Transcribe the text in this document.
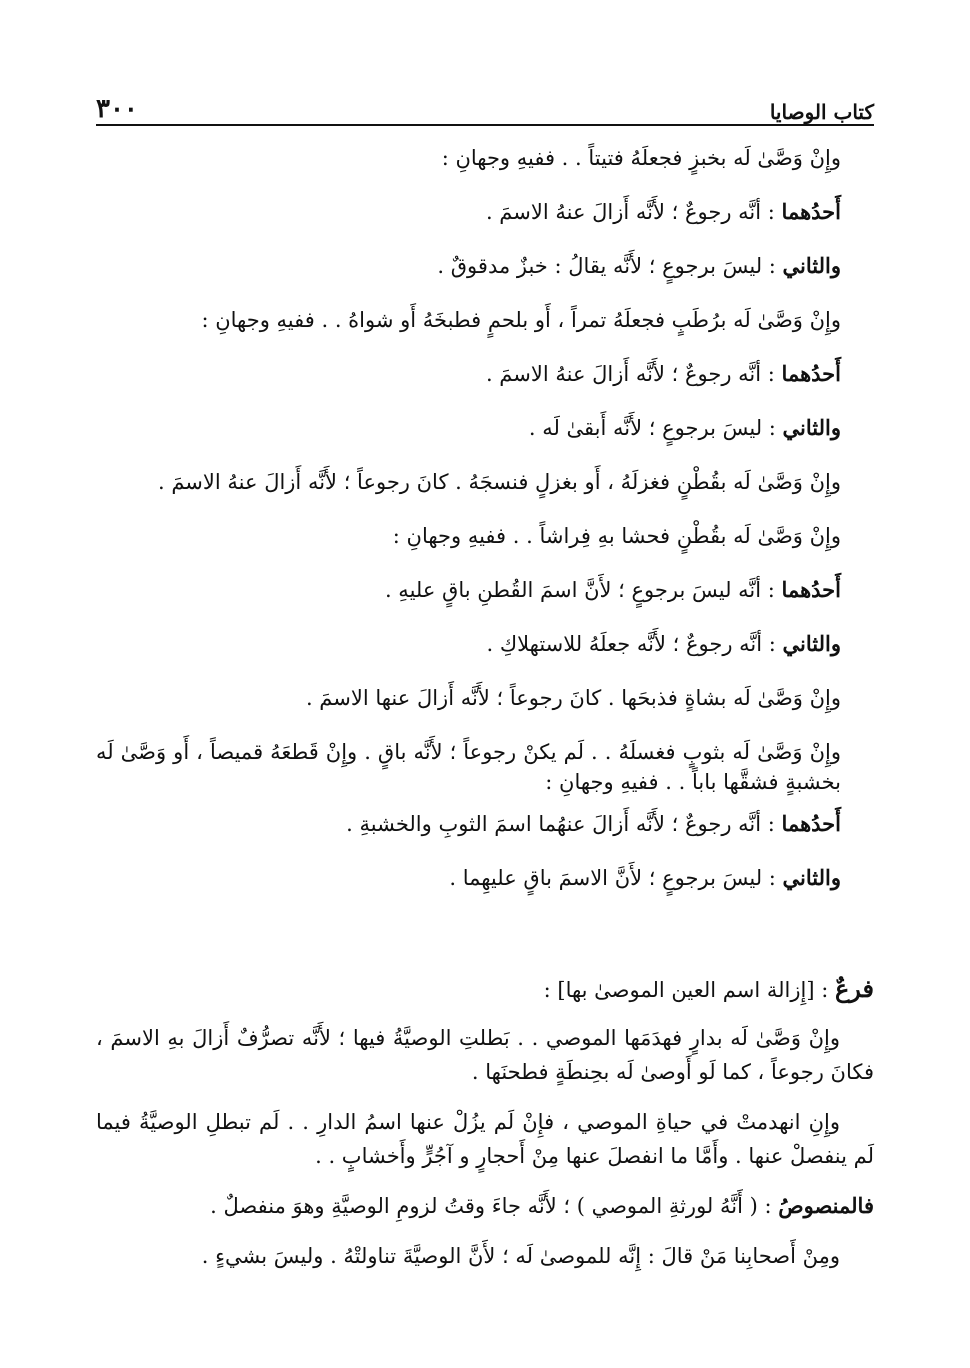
كتاب الوصايا
٣٠٠

وإِنْ وَصَّىٰ لَه بخبزٍ فجعلَهُ فتيتاً . . ففيهِ وجهانِ :

أَحدُهما : أنَّه رجوعٌ ؛ لأَنَّه أَزالَ عنهُ الاسمَ .

والثاني : ليسَ برجوعٍ ؛ لأَنَّه يقالُ : خبزٌ مدقوقٌ .

وإِنْ وَصَّىٰ لَه برُطَبٍ فجعلَهُ تمراً ، أَو بلحمٍ فطبخَهُ أَو شواهُ . . ففيهِ وجهانِ :

أَحدُهما : أنَّه رجوعٌ ؛ لأَنَّه أَزالَ عنهُ الاسمَ .

والثاني : ليسَ برجوعٍ ؛ لأَنَّه أَبقىٰ لَه .

وإِنْ وَصَّىٰ لَه بقُطْنٍ فغزلَهُ ، أَو بغزلٍ فنسجَهُ . كانَ رجوعاً ؛ لأَنَّه أَزالَ عنهُ الاسمَ .

وإِنْ وَصَّىٰ لَه بقُطْنٍ فحشا بهِ فِراشاً . . ففيهِ وجهانِ :

أَحدُهما : أنَّه ليسَ برجوعٍ ؛ لأَنَّ اسمَ القُطنِ باقٍ عليهِ .

والثاني : أنَّه رجوعٌ ؛ لأَنَّه جعلَهُ للاستهلاكِ .

وإِنْ وَصَّىٰ لَه بشاةٍ فذبحَها . كانَ رجوعاً ؛ لأَنَّه أَزالَ عنها الاسمَ .

وإِنْ وَصَّىٰ لَه بثوبٍ فغسلَهُ . . لَم يكنْ رجوعاً ؛ لأَنَّه باقٍ . وإِنْ قَطعَهُ قميصاً ، أَو وَصَّىٰ لَه بخشبةٍ فشقَّها باباً . . ففيهِ وجهانِ :

أَحدُهما : أنَّه رجوعٌ ؛ لأَنَّه أَزالَ عنهُما اسمَ الثوبِ والخشبةِ .

والثاني : ليسَ برجوعٍ ؛ لأَنَّ الاسمَ باقٍ عليهِما .

فرعٌ : [إِزالة اسم العين الموصىٰ بها] :

وإِنْ وَصَّىٰ لَه بدارٍ فهدَمَها الموصي . . بَطلتِ الوصيَّةُ فيها ؛ لأَنَّه تصرُّفٌ أَزالَ بهِ الاسمَ ، فكانَ رجوعاً ، كما لَو أَوصىٰ لَه بحِنطَةٍ فطحنَها .

وإِنِ انهدمتْ في حياةِ الموصي ، فإِنْ لَم يزُلْ عنها اسمُ الدارِ . . لَم تبطلِ الوصيَّةُ فيما لَم ينفصلْ عنها . وأَمَّا ما انفصلَ عنها مِنْ أَحجارٍ و آجُرٍّ وأَخشابٍ . .

فالمنصوصُ : ( أَنَّهُ لورثةِ الموصي ) ؛ لأَنَّه جاءَ وقتُ لزومِ الوصيَّةِ وهوَ منفصلٌ .

ومِنْ أَصحابِنا مَنْ قالَ : إِنَّه للموصىٰ لَه ؛ لأَنَّ الوصيَّةَ تناولتْهُ . وليسَ بشيءٍ .
